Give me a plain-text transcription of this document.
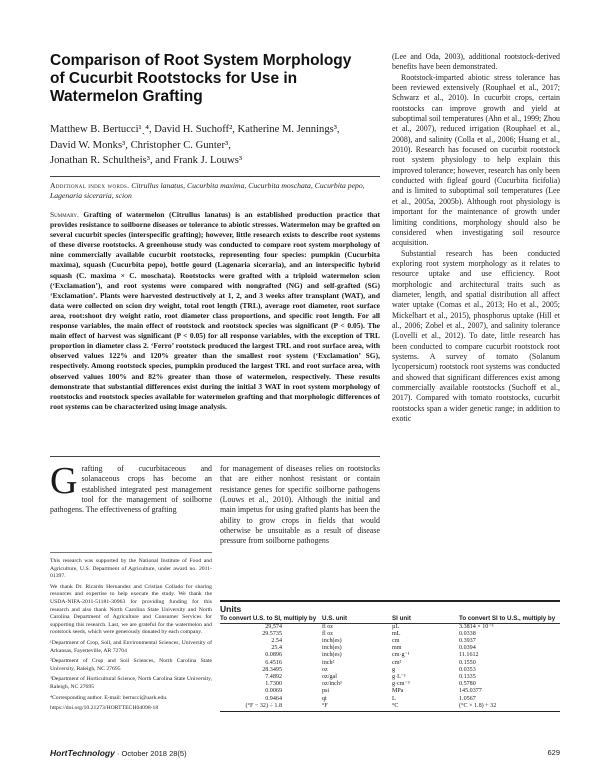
Comparison of Root System Morphology of Cucurbit Rootstocks for Use in Watermelon Grafting
Matthew B. Bertucci¹ˎ⁴, David H. Suchoff², Katherine M. Jennings³,
David W. Monks³, Christopher C. Gunter³,
Jonathan R. Schultheis³, and Frank J. Louws³
Additional index words. Citrullus lanatus, Cucurbita maxima, Cucurbita moschata, Cucurbita pepo, Lagenaria siceraria, scion
Summary. Grafting of watermelon (Citrullus lanatus) is an established production practice that provides resistance to soilborne diseases or tolerance to abiotic stresses. Watermelon may be grafted on several cucurbit species (interspecific grafting); however, little research exists to describe root systems of these diverse rootstocks. A greenhouse study was conducted to compare root system morphology of nine commercially available cucurbit rootstocks, representing four species: pumpkin (Cucurbita maxima), squash (Cucurbita pepo), bottle gourd (Lagenaria siceraria), and an interspecific hybrid squash (C. maxima × C. moschata). Rootstocks were grafted with a triploid watermelon scion (‘Exclamation’), and root systems were compared with nongrafted (NG) and self-grafted (SG) ‘Exclamation’. Plants were harvested destructively at 1, 2, and 3 weeks after transplant (WAT), and data were collected on scion dry weight, total root length (TRL), average root diameter, root surface area, root:shoot dry weight ratio, root diameter class proportions, and specific root length. For all response variables, the main effect of rootstock and rootstock species was significant (P < 0.05). The main effect of harvest was significant (P < 0.05) for all response variables, with the exception of TRL proportion in diameter class 2. ‘Ferro’ rootstock produced the largest TRL and root surface area, with observed values 122% and 120% greater than the smallest root system (‘Exclamation’ SG), respectively. Among rootstock species, pumpkin produced the largest TRL and root surface area, with observed values 100% and 82% greater than those of watermelon, respectively. These results demonstrate that substantial differences exist during the initial 3 WAT in root system morphology of rootstocks and rootstock species available for watermelon grafting and that morphologic differences of root systems can be characterized using image analysis.
Grafting of cucurbitaceous and solanaceous crops has become an established integrated pest management tool for the management of soilborne pathogens. The effectiveness of grafting

This research was supported by the National Institute of Food and Agriculture, U.S. Department of Agriculture, under award no. 2011-01397.

We thank Dr. Ricardo Hernandez and Cristian Collado for sharing resources and expertise to help execute the study. We thank the USDA-NIFA-2011-51181-30963 for providing funding for this research and also thank North Carolina State University and North Carolina Department of Agriculture and Consumer Services for supporting this research. Last, we are grateful for the watermelon and rootstock seeds, which were generously donated by each company.

¹Department of Crop, Soil, and Environmental Sciences, University of Arkansas, Fayetteville, AR 72704

²Department of Crop and Soil Sciences, North Carolina State University, Raleigh, NC 27695

³Department of Horticultural Science, North Carolina State University, Raleigh, NC 27695

⁴Corresponding author. E-mail: bertucci@uark.edu.

https://doi.org/10.21273/HORTTECH04098-18

for management of diseases relies on rootstocks that are either nonhost resistant or contain resistance genes for specific soilborne pathogens (Louws et al., 2010). Although the initial and main impetus for using grafted plants has been the ability to grow crops in fields that would otherwise be unsuitable as a result of disease pressure from soilborne pathogens
(Lee and Oda, 2003), additional rootstock-derived benefits have been demonstrated.
Rootstock-imparted abiotic stress tolerance has been reviewed extensively (Rouphael et al., 2017; Schwarz et al., 2010). In cucurbit crops, certain rootstocks can improve growth and yield at suboptimal soil temperatures (Ahn et al., 1999; Zhou et al., 2007), reduced irrigation (Rouphael et al., 2008), and salinity (Colla et al., 2006; Huang et al., 2010). Research has focused on cucurbit rootstock root system physiology to help explain this improved tolerance; however, research has only been conducted with figleaf gourd (Cucurbita ficifolia) and is limited to suboptimal soil temperatures (Lee et al., 2005a, 2005b). Although root physiology is important for the maintenance of growth under limiting conditions, morphology should also be considered when investigating soil resource acquisition.
Substantial research has been conducted exploring root system morphology as it relates to resource uptake and use efficiency. Root morphologic and architectural traits such as diameter, length, and spatial distribution all affect water uptake (Comas et al., 2013; Ho et al., 2005; Mickelbart et al., 2015), phosphorus uptake (Hill et al., 2006; Zobel et al., 2007), and salinity tolerance (Lovelli et al., 2012). To date, little research has been conducted to compare cucurbit rootstock root systems. A survey of tomato (Solanum lycopersicum) rootstock root systems was conducted and showed that significant differences exist among commercially available rootstocks (Suchoff et al., 2017). Compared with tomato rootstocks, cucurbit rootstocks span a wider genetic range; in addition to exotic
Units
To convert U.S. to SI, multiply by	U.S. unit	SI unit	To convert SI to U.S., multiply by

29,574	fl oz	µL	3.3814 × 10⁻⁵
29.5735	fl oz	mL	0.0338
2.54	inch(es)	cm	0.3937
25.4	inch(es)	mm	0.0394
0.0896	inch(es)	cm·g⁻¹	11.1612
6.4516	inch²	cm²	0.1550
28.3495	oz	g	0.0353
7.4892	oz/gal	g·L⁻¹	0.1335
1.7300	oz/inch³	g·cm⁻³	0.5780
0.0069	psi	MPa	145.0377
0.9464	qt	L	1.0567
(°F − 32) ÷ 1.8	°F	°C	(°C × 1.8) + 32
HortTechnology · October 2018 28(5)	629
